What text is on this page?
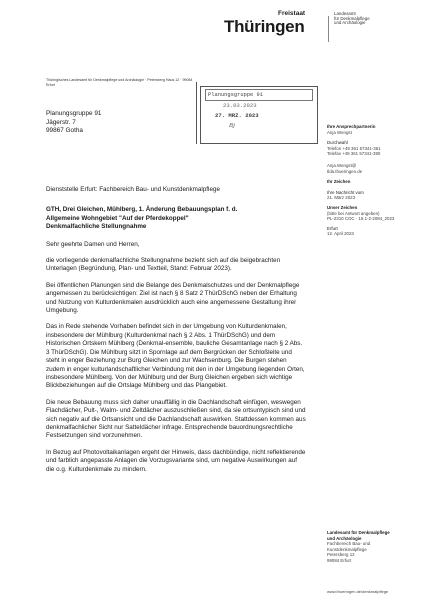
Freistaat
Thüringen
Landesamt
für Denkmalpflege
und Archäologie
Thüringisches Landesamt für Denkmalpflege und Archäologie · Petersberg Haus 12 · 99084 Erfurt
Planungsgruppe 91
Jägerstr. 7
99867 Gotha
Planungsgruppe 91
23.03.2023
27. MRZ. 2023
Bj	Ihre Ansprechpartnerin
Anja Wengst
Durchwahl
Telefon +49 361 57341-361
Telefax +49 361 57341-390
Anja.Wengst@
tlda.thueringen.de
Ihr Zeichen
Ihre Nachricht vom
21. März 2023
Unser Zeichen
(bitte bei Antwort angeben)
PL-2310 COC · 15.1-2-2084_2023
Erfurt
12. April 2023

Dienststelle Erfurt: Fachbereich Bau- und Kunstdenkmalpflege

GTH, Drei Gleichen, Mühlberg, 1. Änderung Bebauungsplan f. d.

Allgemeine Wohngebiet "Auf der Pferdekoppel"

Denkmalfachliche Stellungnahme

Sehr geehrte Damen und Herren,

die vorliegende denkmalfachliche Stellungnahme bezieht sich auf die beigebrachten Unterlagen (Begründung, Plan- und Textteil, Stand: Februar 2023).

Bei öffentlichen Planungen sind die Belange des Denkmalschutzes und der Denkmalpflege angemessen zu berücksichtigen: Ziel ist nach § 8 Satz 2 ThürDSchG neben der Erhaltung und Nutzung von Kulturdenkmalen ausdrücklich auch eine angemessene Gestaltung ihrer Umgebung.

Das in Rede stehende Vorhaben befindet sich in der Umgebung von Kulturdenkmalen, insbesondere der Mühlburg (Kulturdenkmal nach § 2 Abs. 1 ThürDSchG) und dem Historischen Ortskern Mühlberg (Denkmal-ensemble, bauliche Gesamtanlage nach § 2 Abs. 3 ThürDSchG). Die Mühlburg sitzt in Spornlage auf dem Bergrücken der Schloßleite und steht in enger Beziehung zur Burg Gleichen und zur Wachsenburg. Die Burgen stehen zudem in enger kulturlandschaftlicher Verbindung mit den in der Umgebung liegenden Orten, insbesondere Mühlberg. Von der Mühlburg und der Burg Gleichen ergeben sich wichtige Blickbeziehungen auf die Ortslage Mühlberg und das Plangebiet.

Die neue Bebauung muss sich daher unauffällig in die Dachlandschaft einfügen, weswegen Flachdächer, Pult-, Walm- und Zeltdächer auszuschließen sind, da sie ortsuntypisch sind und sich negativ auf die Ortsansicht und die Dachlandschaft auswirken. Stattdessen kommen aus denkmalfachlicher Sicht nur Satteldächer infrage. Entsprechende bauordnungsrechtliche Festsetzungen sind vorzunehmen.

In Bezug auf Photovoltaikanlagen ergeht der Hinweis, dass dachbündige, nicht reflektierende und farblich angepasste Anlagen die Vorzugsvariante sind, um negative Auswirkungen auf die o.g. Kulturdenkmale zu mindern.

Landesamt für Denkmalpflege
und Archäologie
Fachbereich Bau- und
Kunstdenkmalpflege
Petersberg 12
99084 Erfurt
www.thueringen.de/denkmalpflege
